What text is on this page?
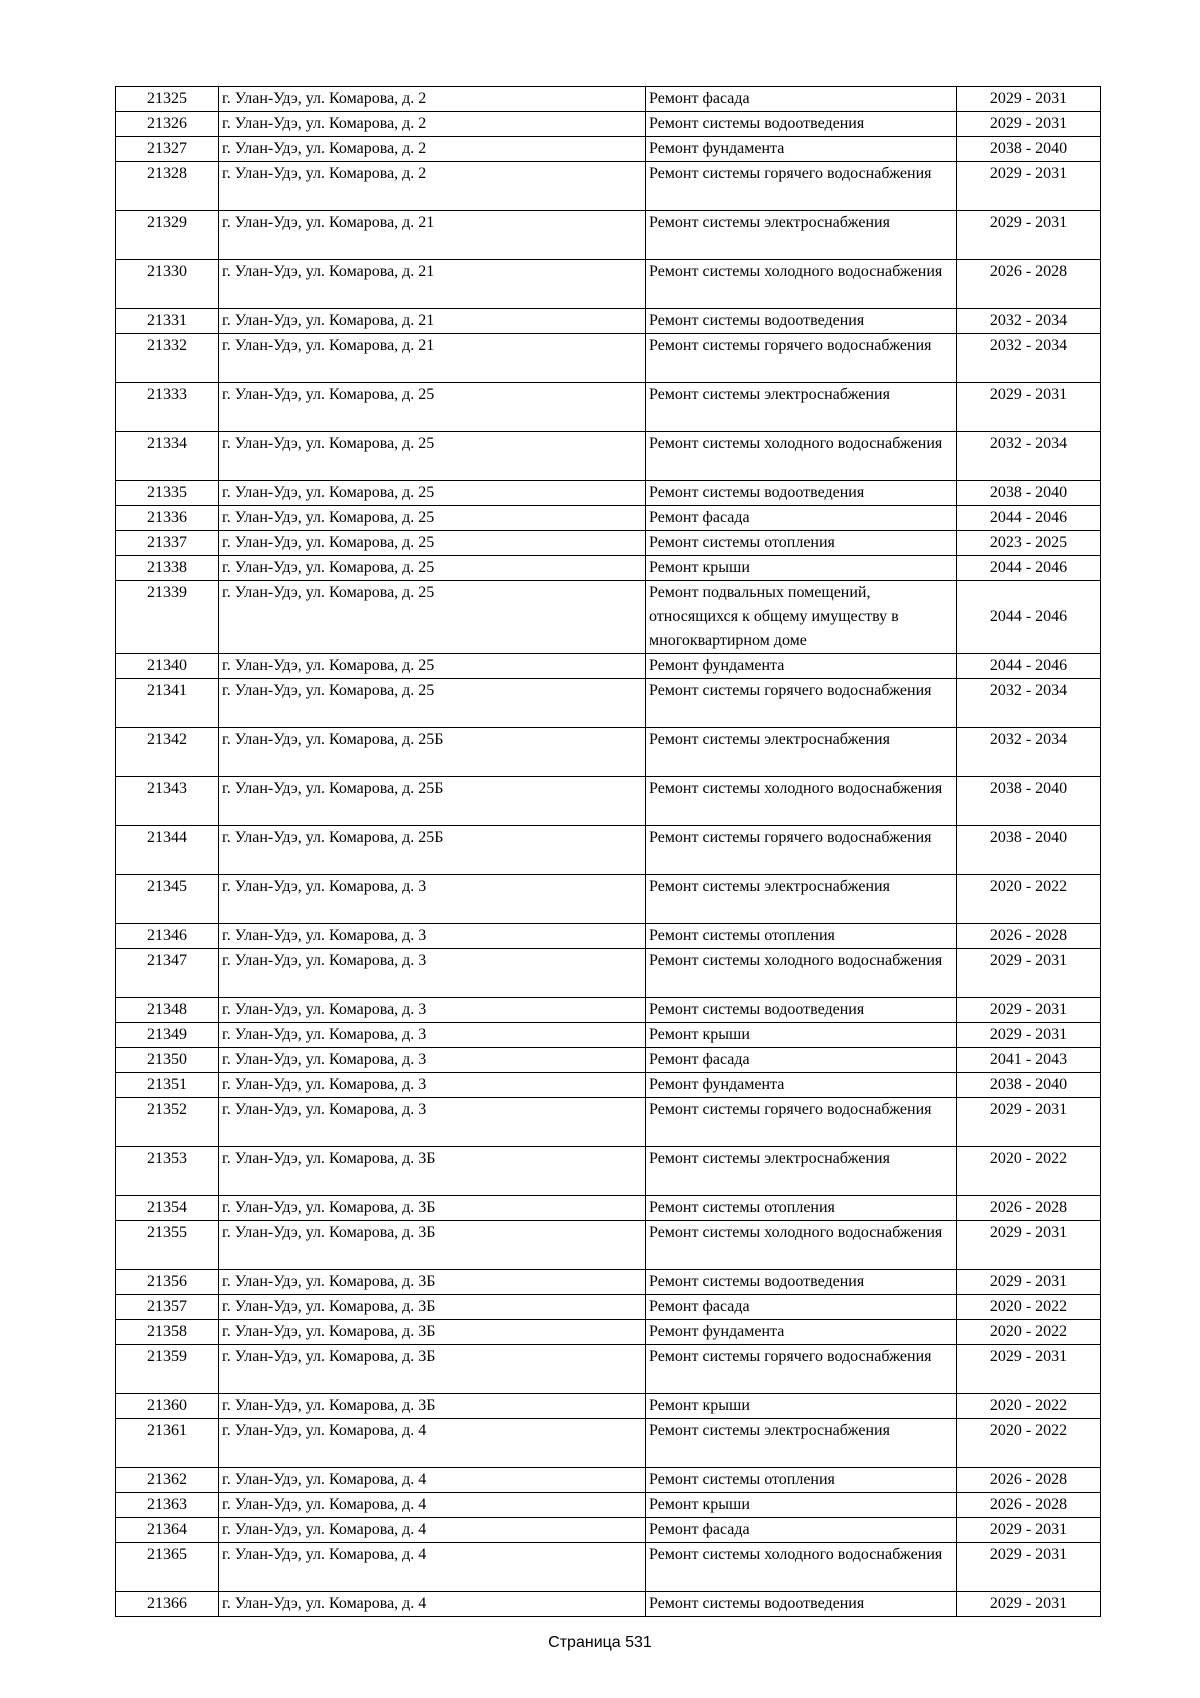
21325	г. Улан-Удэ, ул. Комарова, д. 2	Ремонт фасада	2029 - 2031
21326	г. Улан-Удэ, ул. Комарова, д. 2	Ремонт системы водоотведения	2029 - 2031
21327	г. Улан-Удэ, ул. Комарова, д. 2	Ремонт фундамента	2038 - 2040
21328	г. Улан-Удэ, ул. Комарова, д. 2	Ремонт системы горячего водоснабжения	2029 - 2031
21329	г. Улан-Удэ, ул. Комарова, д. 21	Ремонт системы электроснабжения	2029 - 2031
21330	г. Улан-Удэ, ул. Комарова, д. 21	Ремонт системы холодного водоснабжения	2026 - 2028
21331	г. Улан-Удэ, ул. Комарова, д. 21	Ремонт системы водоотведения	2032 - 2034
21332	г. Улан-Удэ, ул. Комарова, д. 21	Ремонт системы горячего водоснабжения	2032 - 2034
21333	г. Улан-Удэ, ул. Комарова, д. 25	Ремонт системы электроснабжения	2029 - 2031
21334	г. Улан-Удэ, ул. Комарова, д. 25	Ремонт системы холодного водоснабжения	2032 - 2034
21335	г. Улан-Удэ, ул. Комарова, д. 25	Ремонт системы водоотведения	2038 - 2040
21336	г. Улан-Удэ, ул. Комарова, д. 25	Ремонт фасада	2044 - 2046
21337	г. Улан-Удэ, ул. Комарова, д. 25	Ремонт системы отопления	2023 - 2025
21338	г. Улан-Удэ, ул. Комарова, д. 25	Ремонт крыши	2044 - 2046
21339	г. Улан-Удэ, ул. Комарова, д. 25	Ремонт подвальных помещений, относящихся к общему имуществу в многоквартирном доме	2044 - 2046
21340	г. Улан-Удэ, ул. Комарова, д. 25	Ремонт фундамента	2044 - 2046
21341	г. Улан-Удэ, ул. Комарова, д. 25	Ремонт системы горячего водоснабжения	2032 - 2034
21342	г. Улан-Удэ, ул. Комарова, д. 25Б	Ремонт системы электроснабжения	2032 - 2034
21343	г. Улан-Удэ, ул. Комарова, д. 25Б	Ремонт системы холодного водоснабжения	2038 - 2040
21344	г. Улан-Удэ, ул. Комарова, д. 25Б	Ремонт системы горячего водоснабжения	2038 - 2040
21345	г. Улан-Удэ, ул. Комарова, д. 3	Ремонт системы электроснабжения	2020 - 2022
21346	г. Улан-Удэ, ул. Комарова, д. 3	Ремонт системы отопления	2026 - 2028
21347	г. Улан-Удэ, ул. Комарова, д. 3	Ремонт системы холодного водоснабжения	2029 - 2031
21348	г. Улан-Удэ, ул. Комарова, д. 3	Ремонт системы водоотведения	2029 - 2031
21349	г. Улан-Удэ, ул. Комарова, д. 3	Ремонт крыши	2029 - 2031
21350	г. Улан-Удэ, ул. Комарова, д. 3	Ремонт фасада	2041 - 2043
21351	г. Улан-Удэ, ул. Комарова, д. 3	Ремонт фундамента	2038 - 2040
21352	г. Улан-Удэ, ул. Комарова, д. 3	Ремонт системы горячего водоснабжения	2029 - 2031
21353	г. Улан-Удэ, ул. Комарова, д. 3Б	Ремонт системы электроснабжения	2020 - 2022
21354	г. Улан-Удэ, ул. Комарова, д. 3Б	Ремонт системы отопления	2026 - 2028
21355	г. Улан-Удэ, ул. Комарова, д. 3Б	Ремонт системы холодного водоснабжения	2029 - 2031
21356	г. Улан-Удэ, ул. Комарова, д. 3Б	Ремонт системы водоотведения	2029 - 2031
21357	г. Улан-Удэ, ул. Комарова, д. 3Б	Ремонт фасада	2020 - 2022
21358	г. Улан-Удэ, ул. Комарова, д. 3Б	Ремонт фундамента	2020 - 2022
21359	г. Улан-Удэ, ул. Комарова, д. 3Б	Ремонт системы горячего водоснабжения	2029 - 2031
21360	г. Улан-Удэ, ул. Комарова, д. 3Б	Ремонт крыши	2020 - 2022
21361	г. Улан-Удэ, ул. Комарова, д. 4	Ремонт системы электроснабжения	2020 - 2022
21362	г. Улан-Удэ, ул. Комарова, д. 4	Ремонт системы отопления	2026 - 2028
21363	г. Улан-Удэ, ул. Комарова, д. 4	Ремонт крыши	2026 - 2028
21364	г. Улан-Удэ, ул. Комарова, д. 4	Ремонт фасада	2029 - 2031
21365	г. Улан-Удэ, ул. Комарова, д. 4	Ремонт системы холодного водоснабжения	2029 - 2031
21366	г. Улан-Удэ, ул. Комарова, д. 4	Ремонт системы водоотведения	2029 - 2031
Страница 531
